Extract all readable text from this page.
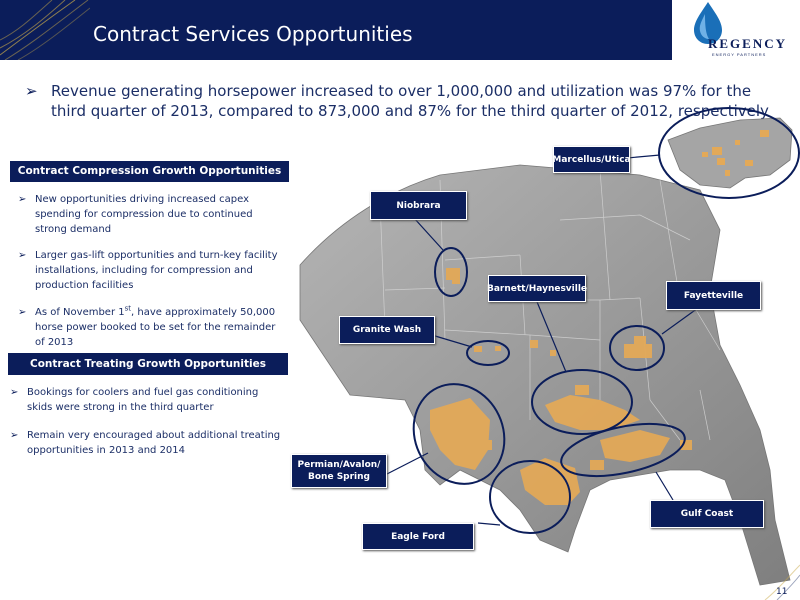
Contract Services Opportunities	REGENCY
ENERGY PARTNERS
➢ Revenue generating horsepower increased to over 1,000,000 and utilization was 97% for the third quarter of 2013, compared to 873,000 and 87% for the third quarter of 2012, respectively
Marcellus/Utica
Niobrara
Barnett/Haynesville
Fayetteville
Granite Wash
Permian/Avalon/
Bone Spring
Eagle Ford
Gulf Coast
Contract Compression Growth Opportunities
➢ New opportunities driving increased capex spending for compression due to continued strong demand
➢ Larger gas-lift opportunities and turn-key facility installations, including for compression and production facilities
➢ As of November 1st, have approximately 50,000 horse power booked to be set for the remainder of 2013
Contract Treating Growth Opportunities
➢ Bookings for coolers and fuel gas conditioning skids were strong in the third quarter
➢ Remain very encouraged about additional treating opportunities in 2013 and 2014
11
